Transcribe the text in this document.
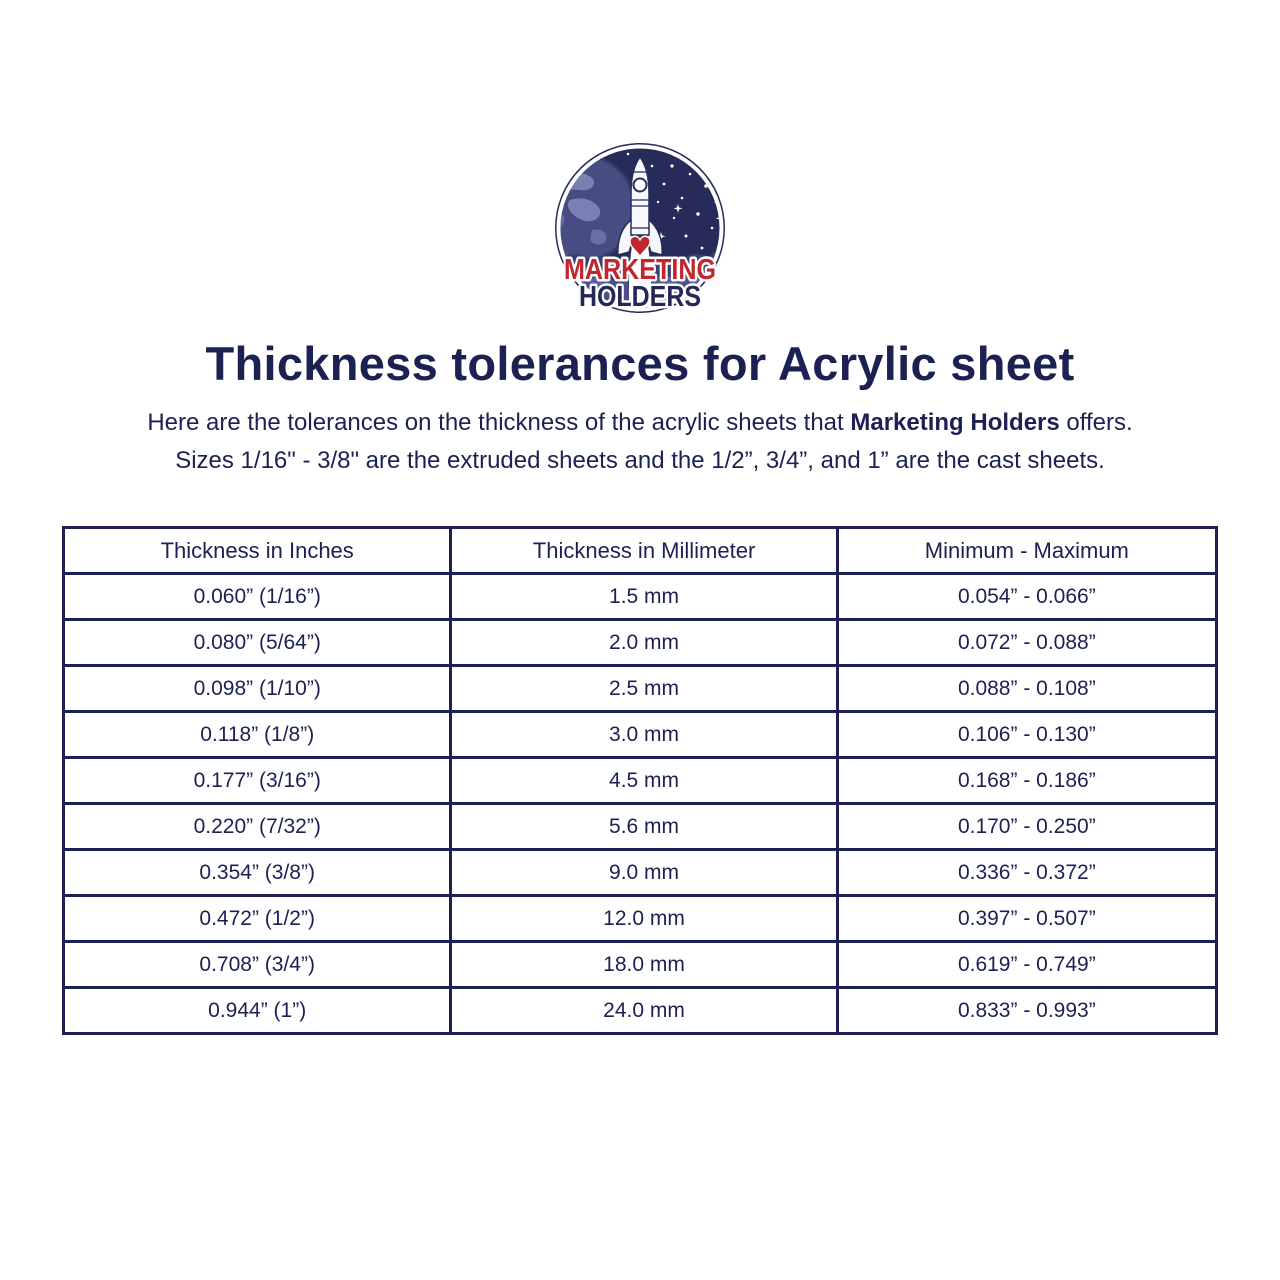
MARKETING
HOLDERS
Thickness tolerances for Acrylic sheet

Here are the tolerances on the thickness of the acrylic sheets that Marketing Holders offers.
Sizes 1/16" - 3/8" are the extruded sheets and the 1/2”, 3/4”, and 1” are the cast sheets.

Thickness in Inches	Thickness in Millimeter	Minimum - Maximum
0.060” (1/16”)	1.5 mm	0.054” - 0.066”
0.080” (5/64”)	2.0 mm	0.072” - 0.088”
0.098” (1/10”)	2.5 mm	0.088” - 0.108”
0.118” (1/8”)	3.0 mm	0.106” - 0.130”
0.177” (3/16”)	4.5 mm	0.168” - 0.186”
0.220” (7/32”)	5.6 mm	0.170” - 0.250”
0.354” (3/8”)	9.0 mm	0.336” - 0.372”
0.472” (1/2”)	12.0 mm	0.397” - 0.507”
0.708” (3/4”)	18.0 mm	0.619” - 0.749”
0.944” (1”)	24.0 mm	0.833” - 0.993”
